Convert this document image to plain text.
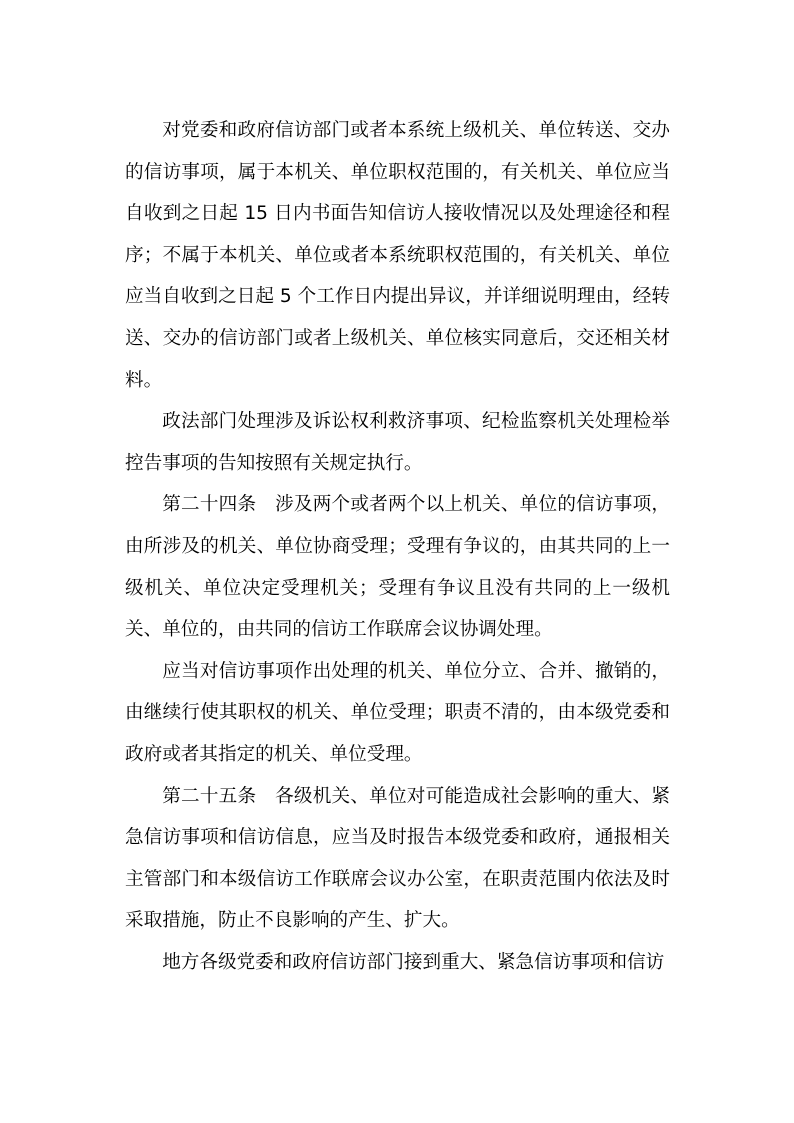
对党委和政府信访部门或者本系统上级机关、单位转送、交办的信访事项，属于本机关、单位职权范围的，有关机关、单位应当自收到之日起 15 日内书面告知信访人接收情况以及处理途径和程序；不属于本机关、单位或者本系统职权范围的，有关机关、单位应当自收到之日起 5 个工作日内提出异议，并详细说明理由，经转送、交办的信访部门或者上级机关、单位核实同意后，交还相关材料。

政法部门处理涉及诉讼权利救济事项、纪检监察机关处理检举控告事项的告知按照有关规定执行。

第二十四条　涉及两个或者两个以上机关、单位的信访事项，由所涉及的机关、单位协商受理；受理有争议的，由其共同的上一级机关、单位决定受理机关；受理有争议且没有共同的上一级机关、单位的，由共同的信访工作联席会议协调处理。

应当对信访事项作出处理的机关、单位分立、合并、撤销的，由继续行使其职权的机关、单位受理；职责不清的，由本级党委和政府或者其指定的机关、单位受理。

第二十五条　各级机关、单位对可能造成社会影响的重大、紧急信访事项和信访信息，应当及时报告本级党委和政府，通报相关主管部门和本级信访工作联席会议办公室，在职责范围内依法及时采取措施，防止不良影响的产生、扩大。

地方各级党委和政府信访部门接到重大、紧急信访事项和信访
